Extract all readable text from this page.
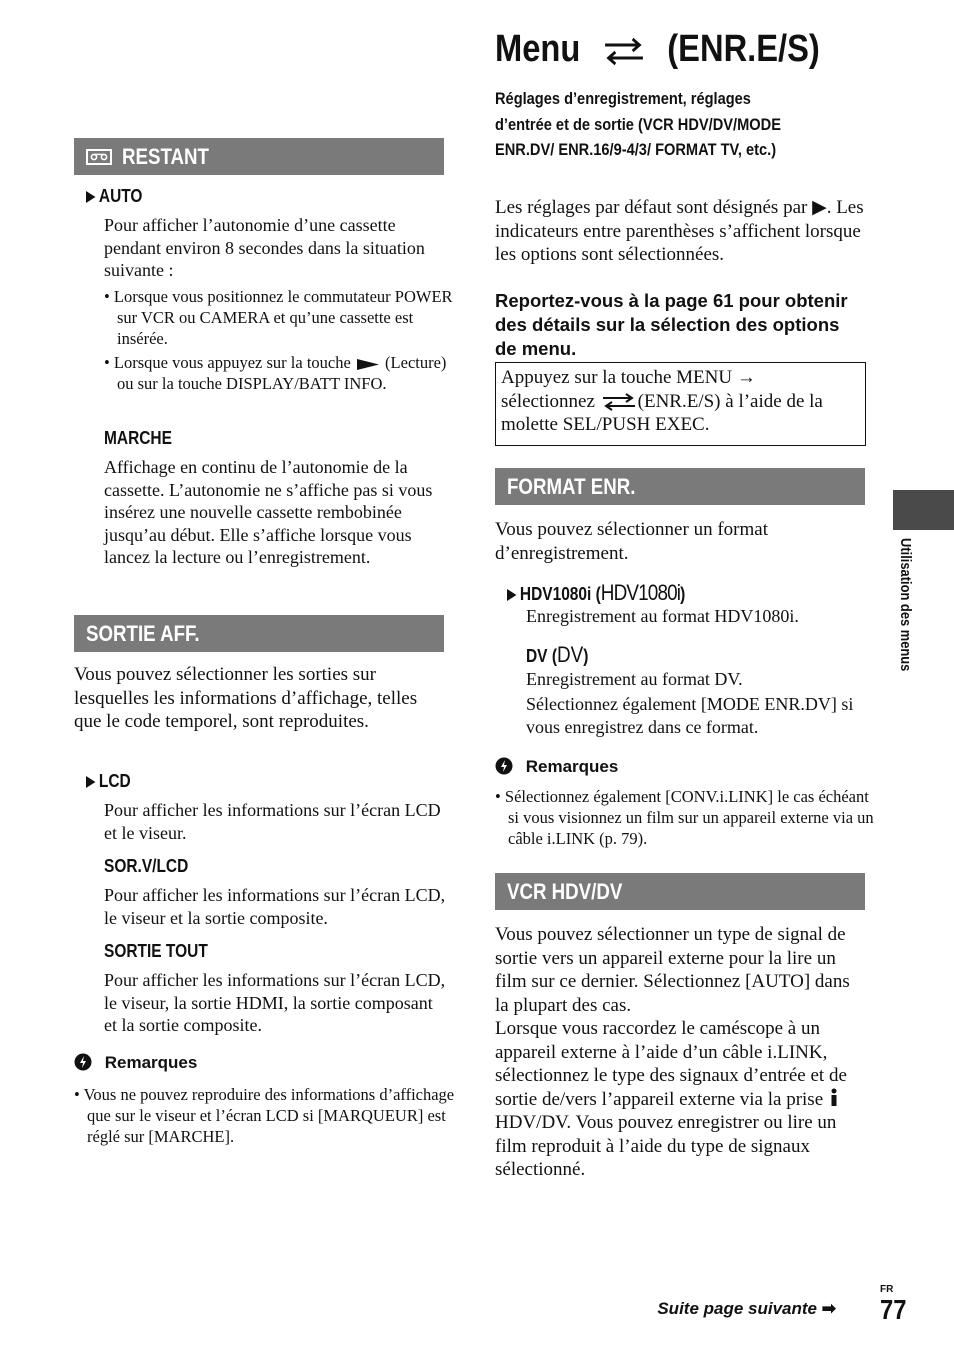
Menu (ENR.E/S)
Réglages d’enregistrement, réglages
d’entrée et de sortie (VCR HDV/DV/MODE
ENR.DV/ ENR.16/9-4/3/ FORMAT TV, etc.)
RESTANT
AUTO
Pour afficher l’autonomie d’une cassette pendant environ 8 secondes dans la situation suivante :
• Lorsque vous positionnez le commutateur POWER sur VCR ou CAMERA et qu’une cassette est insérée.
• Lorsque vous appuyez sur la touche (Lecture) ou sur la touche DISPLAY/BATT INFO.
MARCHE
Affichage en continu de l’autonomie de la cassette. L’autonomie ne s’affiche pas si vous insérez une nouvelle cassette rembobinée jusqu’au début. Elle s’affiche lorsque vous lancez la lecture ou l’enregistrement.
SORTIE AFF.
Vous pouvez sélectionner les sorties sur lesquelles les informations d’affichage, telles que le code temporel, sont reproduites.
LCD
Pour afficher les informations sur l’écran LCD et le viseur.
SOR.V/LCD
Pour afficher les informations sur l’écran LCD, le viseur et la sortie composite.
SORTIE TOUT
Pour afficher les informations sur l’écran LCD, le viseur, la sortie HDMI, la sortie composant et la sortie composite.
Remarques
• Vous ne pouvez reproduire des informations d’affichage que sur le viseur et l’écran LCD si [MARQUEUR] est réglé sur [MARCHE].
Les réglages par défaut sont désignés par ▶. Les indicateurs entre parenthèses s’affichent lorsque les options sont sélectionnées.
Reportez-vous à la page 61 pour obtenir des détails sur la sélection des options de menu.
Appuyez sur la touche MENU →
sélectionnez (ENR.E/S) à l’aide de la molette SEL/PUSH EXEC.
FORMAT ENR.
Vous pouvez sélectionner un format d’enregistrement.
HDV1080i (HDV1080i)
Enregistrement au format HDV1080i.
DV (DV)
Enregistrement au format DV.
Sélectionnez également [MODE ENR.DV] si vous enregistrez dans ce format.
Remarques
• Sélectionnez également [CONV.i.LINK] le cas échéant si vous visionnez un film sur un appareil externe via un câble i.LINK (p. 79).
VCR HDV/DV
Vous pouvez sélectionner un type de signal de sortie vers un appareil externe pour la lire un film sur ce dernier. Sélectionnez [AUTO] dans la plupart des cas.
Lorsque vous raccordez le caméscope à un appareil externe à l’aide d’un câble i.LINK, sélectionnez le type des signaux d’entrée et de sortie de/vers l’appareil externe via la prise  HDV/DV. Vous pouvez enregistrer ou lire un film reproduit à l’aide du type de signaux sélectionné.
Utilisation des menus
Suite page suivante ➡
FR
77
